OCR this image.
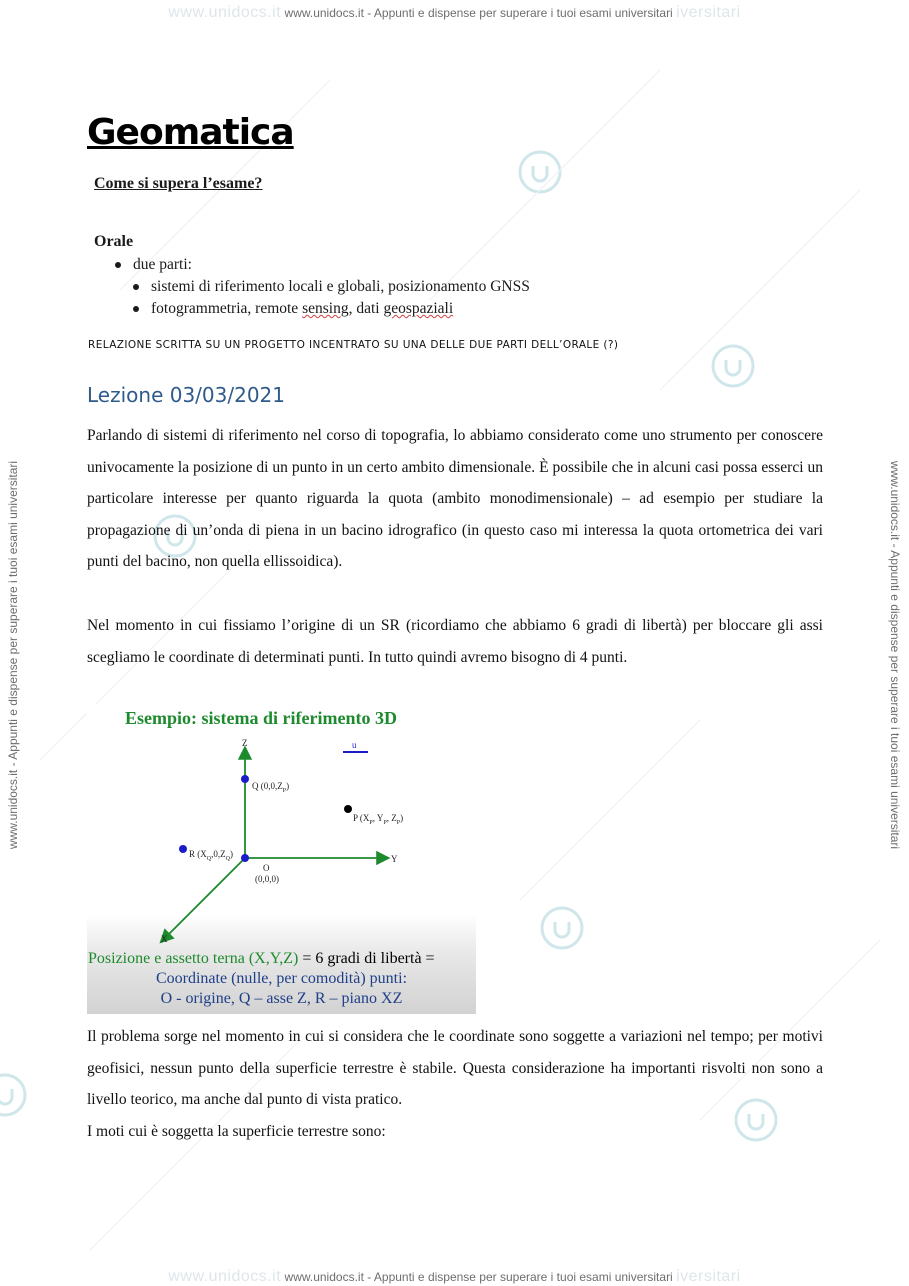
www.unidocs.it www.unidocs.it - Appunti e dispense per superare i tuoi esami universitari iversitari
www.unidocs.it www.unidocs.it - Appunti e dispense per superare i tuoi esami universitari iversitari
www.unidocs.it - Appunti e dispense per superare i tuoi esami universitari	www.unidocs.it - Appunti e dispense per superare i tuoi esami universitari
Geomatica
Come si supera l’esame?
Orale
due parti:
sistemi di riferimento locali e globali, posizionamento GNSS
fotogrammetria, remote sensing, dati geospaziali
RELAZIONE SCRITTA SU UN PROGETTO INCENTRATO SU UNA DELLE DUE PARTI DELL’ORALE (?)
Lezione 03/03/2021

Parlando di sistemi di riferimento nel corso di topografia, lo abbiamo considerato come uno strumento per conoscere univocamente la posizione di un punto in un certo ambito dimensionale. È possibile che in alcuni casi possa esserci un particolare interesse per quanto riguarda la quota (ambito monodimensionale) – ad esempio per studiare la propagazione di un’onda di piena in un bacino idrografico (in questo caso mi interessa la quota ortometrica dei vari punti del bacino, non quella ellissoidica).

Nel momento in cui fissiamo l’origine di un SR (ricordiamo che abbiamo 6 gradi di libertà) per bloccare gli assi scegliamo le coordinate di determinati punti. In tutto quindi avremo bisogno di 4 punti.

Esempio: sistema di riferimento 3D
Z
Y
X
u
Q $(0,0,Z_P)$
P ($X_P$, $Y_P$, $Z_P$)
R $(X_Q,0,Z_Q)$
O
(0,0,0)
Posizione e assetto terna (X,Y,Z) = 6 gradi di libertà =
Coordinate (nulle, per comodità) punti:
O - origine, Q – asse Z, R – piano XZ

Il problema sorge nel momento in cui si considera che le coordinate sono soggette a variazioni nel tempo; per motivi geofisici, nessun punto della superficie terrestre è stabile. Questa considerazione ha importanti risvolti non sono a livello teorico, ma anche dal punto di vista pratico.

I moti cui è soggetta la superficie terrestre sono:
